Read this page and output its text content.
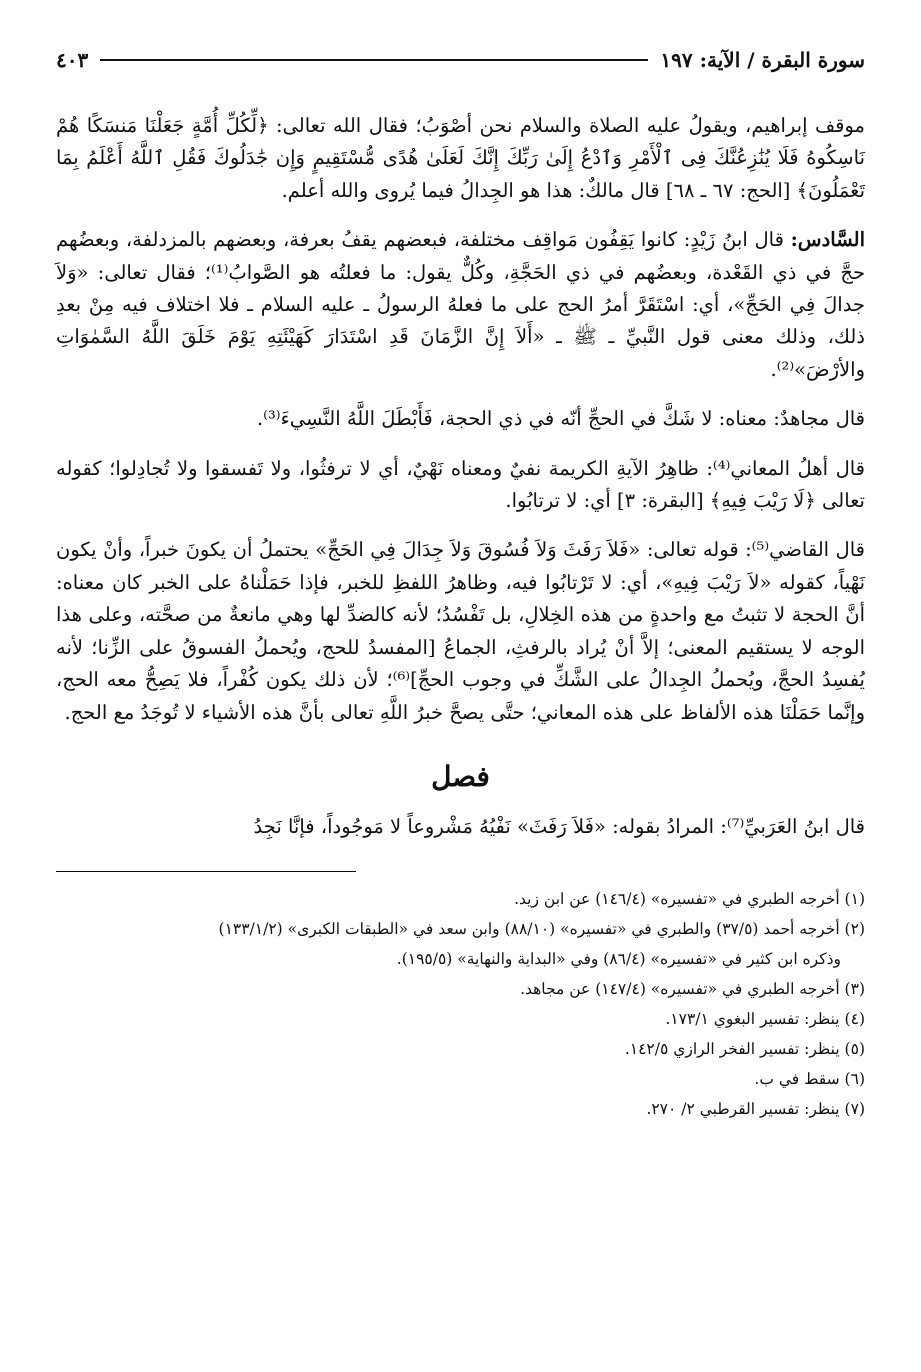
سورة البقرة / الآية: ١٩٧
٤٠٣

موقف إبراهيم، ويقولُ عليه الصلاة والسلام نحن أصْوَبُ؛ فقال الله تعالى: ﴿لِّكُلِّ أُمَّةٍ جَعَلْنَا مَنسَكًا هُمْ نَاسِكُوهُ فَلَا يُنَٰزِعُنَّكَ فِى ٱلْأَمْرِ وَٱدْعُ إِلَىٰ رَبِّكَ إِنَّكَ لَعَلَىٰ هُدًى مُّسْتَقِيمٍ وَإِن جَٰدَلُوكَ فَقُلِ ٱللَّهُ أَعْلَمُ بِمَا تَعْمَلُونَ﴾ [الحج: ٦٧ ـ ٦٨] قال مالكٌ: هذا هو الجِدالُ فيما يُروى والله أعلم.

السَّادس: قال ابنُ زَيْدٍ: كانوا يَقِفُون مَواقِف مختلفة، فبعضهم يقفُ بعرفة، وبعضهم بالمزدلفة، وبعضُهم حجَّ في ذي القَعْدة، وبعضُهم في ذي الحَجَّةِ، وكُلٌّ يقول: ما فعلتُه هو الصَّوابُ⁽¹⁾؛ فقال تعالى: «وَلاَ جدالَ فِي الحَجِّ»، أي: اسْتَقَرَّ أمرُ الحج على ما فعلهُ الرسولُ ـ عليه السلام ـ فلا اختلاف فيه مِنْ بعدِ ذلك، وذلك معنى قول النَّبيِّ ـ ﷺ ـ «أَلاَ إِنَّ الزَّمَانَ قَدِ اسْتَدَارَ كَهَيْئَتِهِ يَوْمَ خَلَقَ اللَّهُ السَّمٰوَاتِ والأرْضَ»⁽²⁾.

قال مجاهدٌ: معناه: لا شَكَّ في الحجِّ أنّه في ذي الحجة، فَأَبْطَلَ اللَّهُ النَّسِيءَ⁽³⁾.

قال أهلُ المعاني⁽⁴⁾: ظاهِرُ الآيةِ الكريمة نفيٌ ومعناه نَهْيٌ، أي لا ترفثُوا، ولا تَفسقوا ولا تُجادِلوا؛ كقوله تعالى ﴿لَا رَيْبَ فِيهِ﴾ [البقرة: ٣] أي: لا ترتابُوا.

قال القاضي⁽⁵⁾: قوله تعالى: «فَلاَ رَفَثَ وَلاَ فُسُوقَ وَلاَ جِدَالَ فِي الحَجِّ» يحتملُ أن يكونَ خبراً، وأنْ يكون نَهْياً، كقوله «لاَ رَيْبَ فِيهِ»، أي: لا تَرْتابُوا فيه، وظاهرُ اللفظِ للخبر، فإذا حَمَلْناهُ على الخبر كان معناه: أنَّ الحجة لا تثبتُ مع واحدةٍ من هذه الخِلالِ، بل تَفْسُدُ؛ لأنه كالضدِّ لها وهي مانعةٌ من صحَّته، وعلى هذا الوجه لا يستقيم المعنى؛ إلاَّ أنْ يُراد بالرفثِ، الجماعُ [المفسدُ للحج، ويُحملُ الفسوقُ على الزِّنا؛ لأنه يُفسِدُ الحجَّ، ويُحملُ الجِدالُ على الشَّكِّ في وجوب الحجِّ]⁽⁶⁾؛ لأن ذلك يكون كُفْراً، فلا يَصِحُّ معه الحج، وإنَّما حَمَلْنَا هذه الألفاظ على هذه المعاني؛ حتَّى يصحَّ خبرُ اللَّهِ تعالى بأنَّ هذه الأشياء لا تُوجَدُ مع الحج.

فصل

قال ابنُ العَرَبيِّ⁽⁷⁾: المرادُ بقوله: «فَلاَ رَفَثَ» نَفْيُهُ مَشْروعاً لا مَوجُوداً، فإنَّا نَجِدُ

(١) أخرجه الطبري في «تفسيره» (١٤٦/٤) عن ابن زيد.

(٢) أخرجه أحمد (٣٧/٥) والطبري في «تفسيره» (٨٨/١٠) وابن سعد في «الطبقات الكبرى» (١٣٣/١/٢)

وذكره ابن كثير في «تفسيره» (٨٦/٤) وفي «البداية والنهاية» (١٩٥/٥).

(٣) أخرجه الطبري في «تفسيره» (١٤٧/٤) عن مجاهد.

(٤) ينظر: تفسير البغوي ١٧٣/١.

(٥) ينظر: تفسير الفخر الرازي ١٤٢/٥.

(٦) سقط في ب.

(٧) ينظر: تفسير القرطبي ٢/ ٢٧٠.
